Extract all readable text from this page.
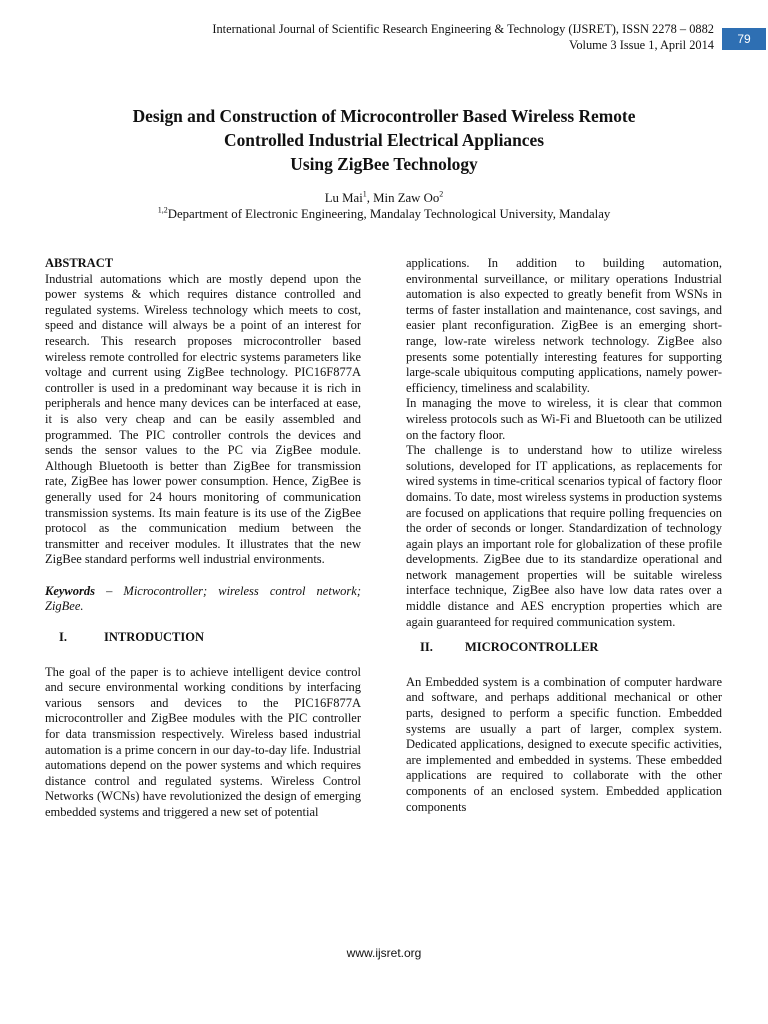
International Journal of Scientific Research Engineering & Technology (IJSRET), ISSN 2278 – 0882
Volume 3 Issue 1, April 2014	79
Design and Construction of Microcontroller Based Wireless Remote
Controlled Industrial Electrical Appliances
Using ZigBee Technology
Lu Mai$^1$, Min Zaw Oo$^2$
$^{1,2}$Department of Electronic Engineering, Mandalay Technological University, Mandalay

ABSTRACT

Industrial automations which are mostly depend upon the power systems & which requires distance controlled and regulated systems. Wireless technology which meets to cost, speed and distance will always be a point of an interest for research. This research proposes microcontroller based wireless remote controlled for electric systems parameters like voltage and current using ZigBee technology. PIC16F877A controller is used in a predominant way because it is rich in peripherals and hence many devices can be interfaced at ease, it is also very cheap and can be easily assembled and programmed. The PIC controller controls the devices and sends the sensor values to the PC via ZigBee module. Although Bluetooth is better than ZigBee for transmission rate, ZigBee has lower power consumption. Hence, ZigBee is generally used for 24 hours monitoring of communication transmission systems. Its main feature is its use of the ZigBee protocol as the communication medium between the transmitter and receiver modules. It illustrates that the new ZigBee standard performs well industrial environments.

Keywords – Microcontroller; wireless control network; ZigBee.

I.	INTRODUCTION

The goal of the paper is to achieve intelligent device control and secure environmental working conditions by interfacing various sensors and devices to the PIC16F877A microcontroller and ZigBee modules with the PIC controller for data transmission respectively. Wireless based industrial automation is a prime concern in our day-to-day life. Industrial automations depend on the power systems and which requires distance control and regulated systems. Wireless Control Networks (WCNs) have revolutionized the design of emerging embedded systems and triggered a new set of potential

applications. In addition to building automation, environmental surveillance, or military operations Industrial automation is also expected to greatly benefit from WSNs in terms of faster installation and maintenance, cost savings, and easier plant reconfiguration. ZigBee is an emerging short-range, low-rate wireless network technology. ZigBee also presents some potentially interesting features for supporting large-scale ubiquitous computing applications, namely power-efficiency, timeliness and scalability.

In managing the move to wireless, it is clear that common wireless protocols such as Wi-Fi and Bluetooth can be utilized on the factory floor.

The challenge is to understand how to utilize wireless solutions, developed for IT applications, as replacements for wired systems in time-critical scenarios typical of factory floor domains. To date, most wireless systems in production systems are focused on applications that require polling frequencies on the order of seconds or longer. Standardization of technology again plays an important role for globalization of these profile developments. ZigBee due to its standardize operational and network management properties will be suitable wireless interface technique, ZigBee also have low data rates over a middle distance and AES encryption properties which are again guaranteed for required communication system.

II.	MICROCONTROLLER

An Embedded system is a combination of computer hardware and software, and perhaps additional mechanical or other parts, designed to perform a specific function. Embedded systems are usually a part of larger, complex system. Dedicated applications, designed to execute specific activities, are implemented and embedded in systems. These embedded applications are required to collaborate with the other components of an enclosed system. Embedded application components

www.ijsret.org
